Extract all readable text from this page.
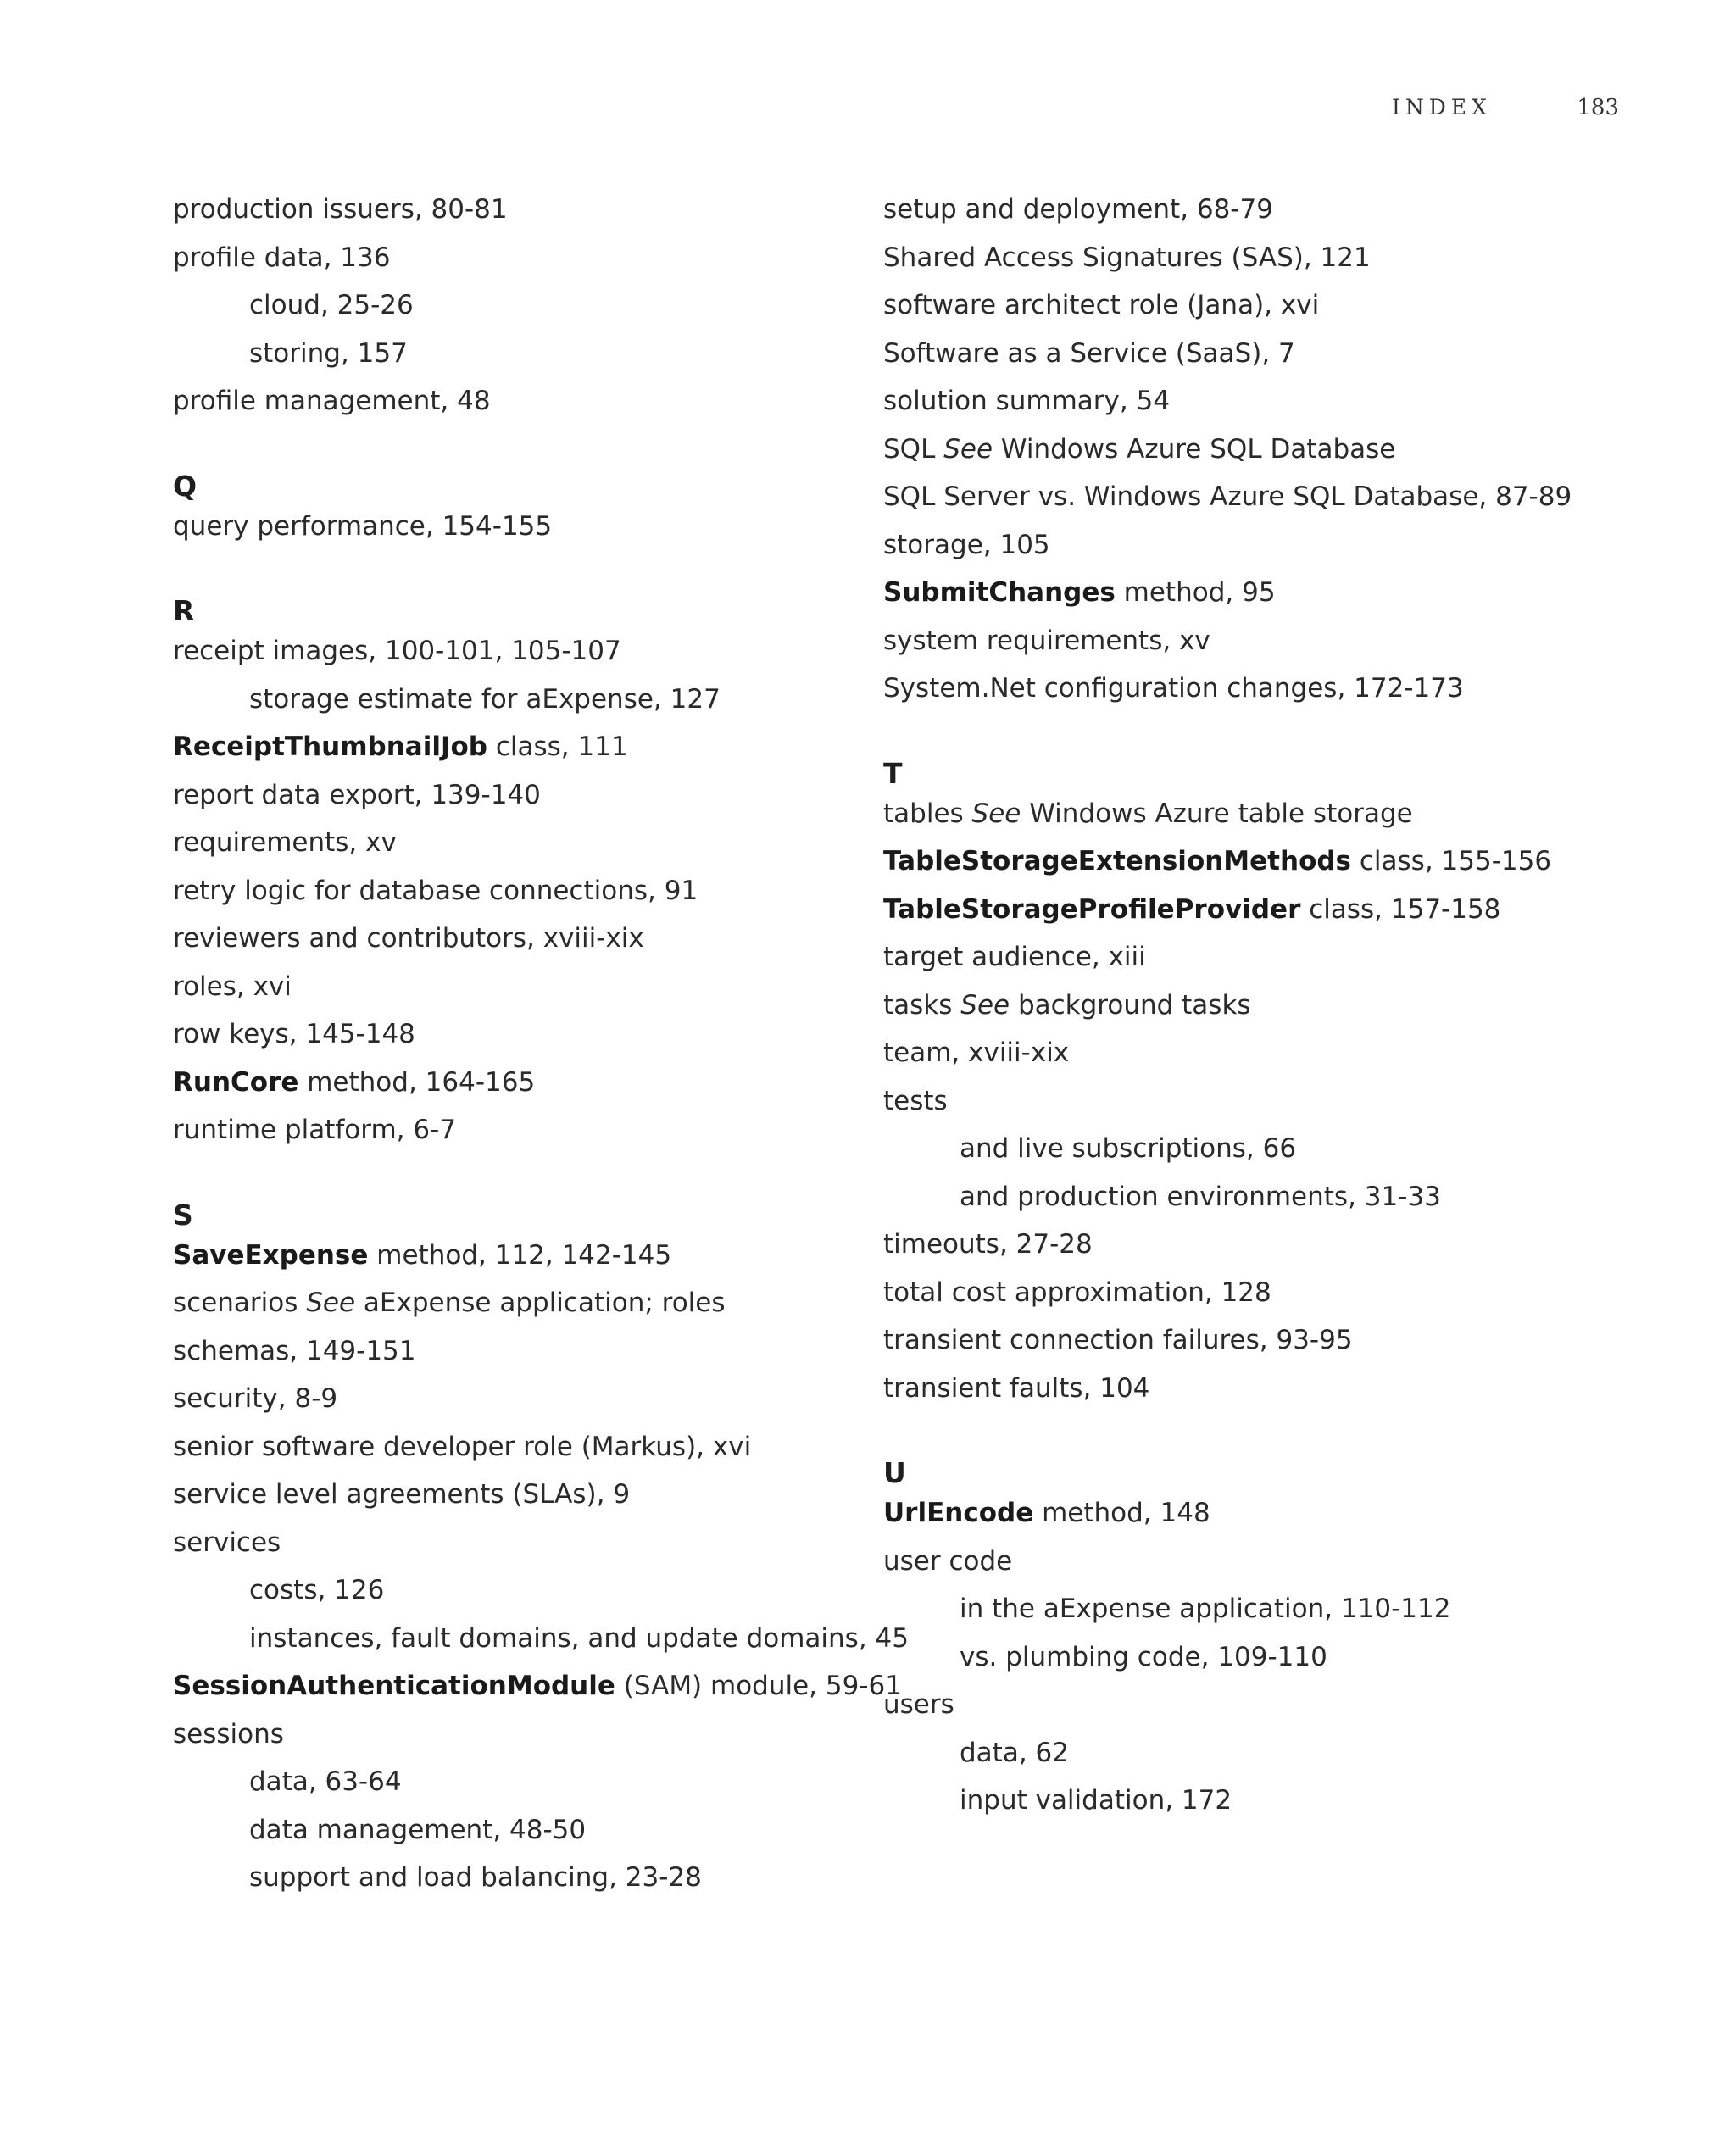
INDEX	183
production issuers, 80-81
profile data, 136
cloud, 25-26
storing, 157
profile management, 48
Q
query performance, 154-155
R
receipt images, 100-101, 105-107
storage estimate for aExpense, 127
ReceiptThumbnailJob class, 111
report data export, 139-140
requirements, xv
retry logic for database connections, 91
reviewers and contributors, xviii-xix
roles, xvi
row keys, 145-148
RunCore method, 164-165
runtime platform, 6-7
S
SaveExpense method, 112, 142-145
scenarios See aExpense application; roles
schemas, 149-151
security, 8-9
senior software developer role (Markus), xvi
service level agreements (SLAs), 9
services
costs, 126
instances, fault domains, and update domains, 45
SessionAuthenticationModule (SAM) module, 59-61
sessions
data, 63-64
data management, 48-50
support and load balancing, 23-28
setup and deployment, 68-79
Shared Access Signatures (SAS), 121
software architect role (Jana), xvi
Software as a Service (SaaS), 7
solution summary, 54
SQL See Windows Azure SQL Database
SQL Server vs. Windows Azure SQL Database, 87-89
storage, 105
SubmitChanges method, 95
system requirements, xv
System.Net configuration changes, 172-173
T
tables See Windows Azure table storage
TableStorageExtensionMethods class, 155-156
TableStorageProfileProvider class, 157-158
target audience, xiii
tasks See background tasks
team, xviii-xix
tests
and live subscriptions, 66
and production environments, 31-33
timeouts, 27-28
total cost approximation, 128
transient connection failures, 93-95
transient faults, 104
U
UrlEncode method, 148
user code
in the aExpense application, 110-112
vs. plumbing code, 109-110
users
data, 62
input validation, 172
